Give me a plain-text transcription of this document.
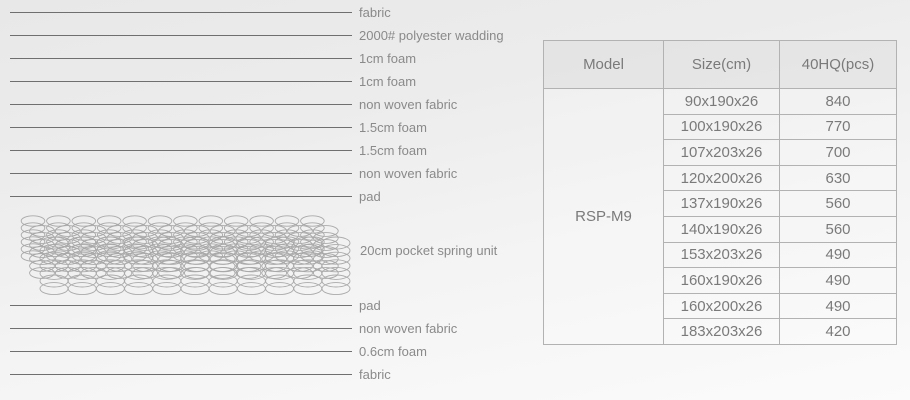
fabric
2000# polyester wadding
1cm foam
1cm foam
non woven fabric
1.5cm foam
1.5cm foam
non woven fabric
pad
20cm pocket spring unit
pad
non woven fabric
0.6cm foam
fabric
Model	Size(cm)	40HQ(pcs)
RSP-M9	90x190x26	840
	100x190x26	770
	107x203x26	700
	120x200x26	630
	137x190x26	560
	140x190x26	560
	153x203x26	490
	160x190x26	490
	160x200x26	490
	183x203x26	420
